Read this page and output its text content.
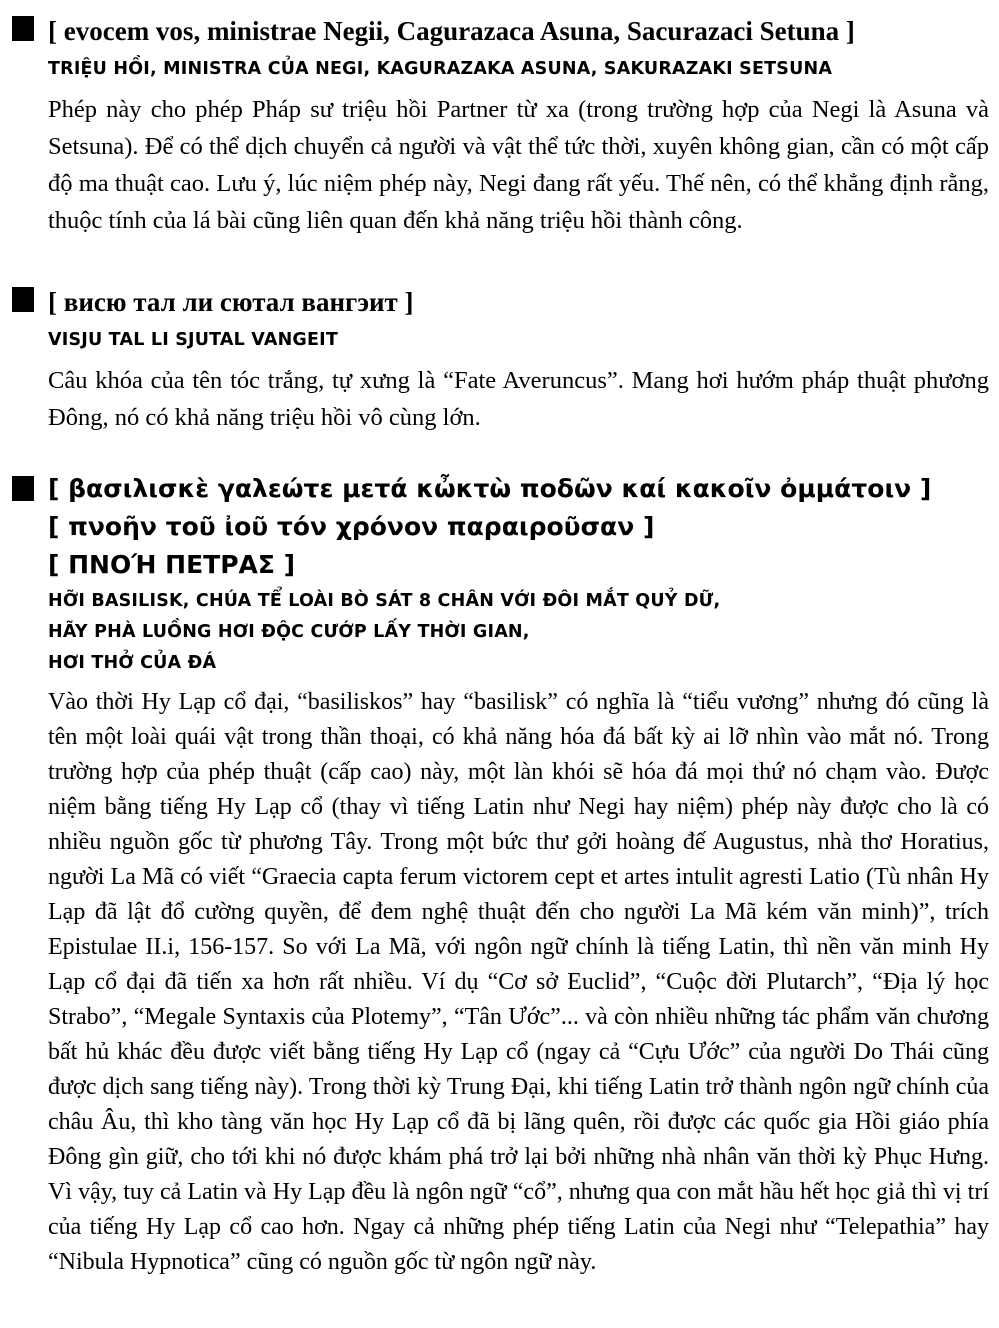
[ evocem vos, ministrae Negii, Cagurazaca Asuna, Sacurazaci Setuna ]
TRIỆU HỒI, MINISTRA CỦA NEGI, KAGURAZAKA ASUNA, SAKURAZAKI SETSUNA

Phép này cho phép Pháp sư triệu hồi Partner từ xa (trong trường hợp của Negi là Asuna và Setsuna). Để có thể dịch chuyển cả người và vật thể tức thời, xuyên không gian, cần có một cấp độ ma thuật cao. Lưu ý, lúc niệm phép này, Negi đang rất yếu. Thế nên, có thể khẳng định rằng, thuộc tính của lá bài cũng liên quan đến khả năng triệu hồi thành công.

[ висю тал ли сютал вангэит ]
VISJU TAL LI SJUTAL VANGEIT

Câu khóa của tên tóc trắng, tự xưng là “Fate Averuncus”. Mang hơi hướm pháp thuật phương Đông, nó có khả năng triệu hồi vô cùng lớn.

[ βασιλισκὲ γαλεώτε μετά κὦκτὼ ποδῶν καί κακοῖν ὀμμάτοιν ]
[ πνοῆν τοῦ ἰοῦ τόν χρόνον παραιροῦσαν ]
[ ΠΝΟΉ ΠΕΤΡΑΣ ]
HỠI BASILISK, CHÚA TỂ LOÀI BÒ SÁT 8 CHÂN VỚI ĐÔI MẮT QUỶ DỮ,
HÃY PHÀ LUỒNG HƠI ĐỘC CƯỚP LẤY THỜI GIAN,
HƠI THỞ CỦA ĐÁ

Vào thời Hy Lạp cổ đại, “basiliskos” hay “basilisk” có nghĩa là “tiểu vương” nhưng đó cũng là tên một loài quái vật trong thần thoại, có khả năng hóa đá bất kỳ ai lỡ nhìn vào mắt nó. Trong trường hợp của phép thuật (cấp cao) này, một làn khói sẽ hóa đá mọi thứ nó chạm vào. Được niệm bằng tiếng Hy Lạp cổ (thay vì tiếng Latin như Negi hay niệm) phép này được cho là có nhiều nguồn gốc từ phương Tây. Trong một bức thư gởi hoàng đế Augustus, nhà thơ Horatius, người La Mã có viết “Graecia capta ferum victorem cept et artes intulit agresti Latio (Tù nhân Hy Lạp đã lật đổ cường quyền, để đem nghệ thuật đến cho người La Mã kém văn minh)”, trích Epistulae II.i, 156-157. So với La Mã, với ngôn ngữ chính là tiếng Latin, thì nền văn minh Hy Lạp cổ đại đã tiến xa hơn rất nhiều. Ví dụ “Cơ sở Euclid”, “Cuộc đời Plutarch”, “Địa lý học Strabo”, “Megale Syntaxis của Plotemy”, “Tân Ước”... và còn nhiều những tác phẩm văn chương bất hủ khác đều được viết bằng tiếng Hy Lạp cổ (ngay cả “Cựu Ước” của người Do Thái cũng được dịch sang tiếng này). Trong thời kỳ Trung Đại, khi tiếng Latin trở thành ngôn ngữ chính của châu Âu, thì kho tàng văn học Hy Lạp cổ đã bị lãng quên, rồi được các quốc gia Hồi giáo phía Đông gìn giữ, cho tới khi nó được khám phá trở lại bởi những nhà nhân văn thời kỳ Phục Hưng. Vì vậy, tuy cả Latin và Hy Lạp đều là ngôn ngữ “cổ”, nhưng qua con mắt hầu hết học giả thì vị trí của tiếng Hy Lạp cổ cao hơn. Ngay cả những phép tiếng Latin của Negi như “Telepathia” hay “Nibula Hypnotica” cũng có nguồn gốc từ ngôn ngữ này.
